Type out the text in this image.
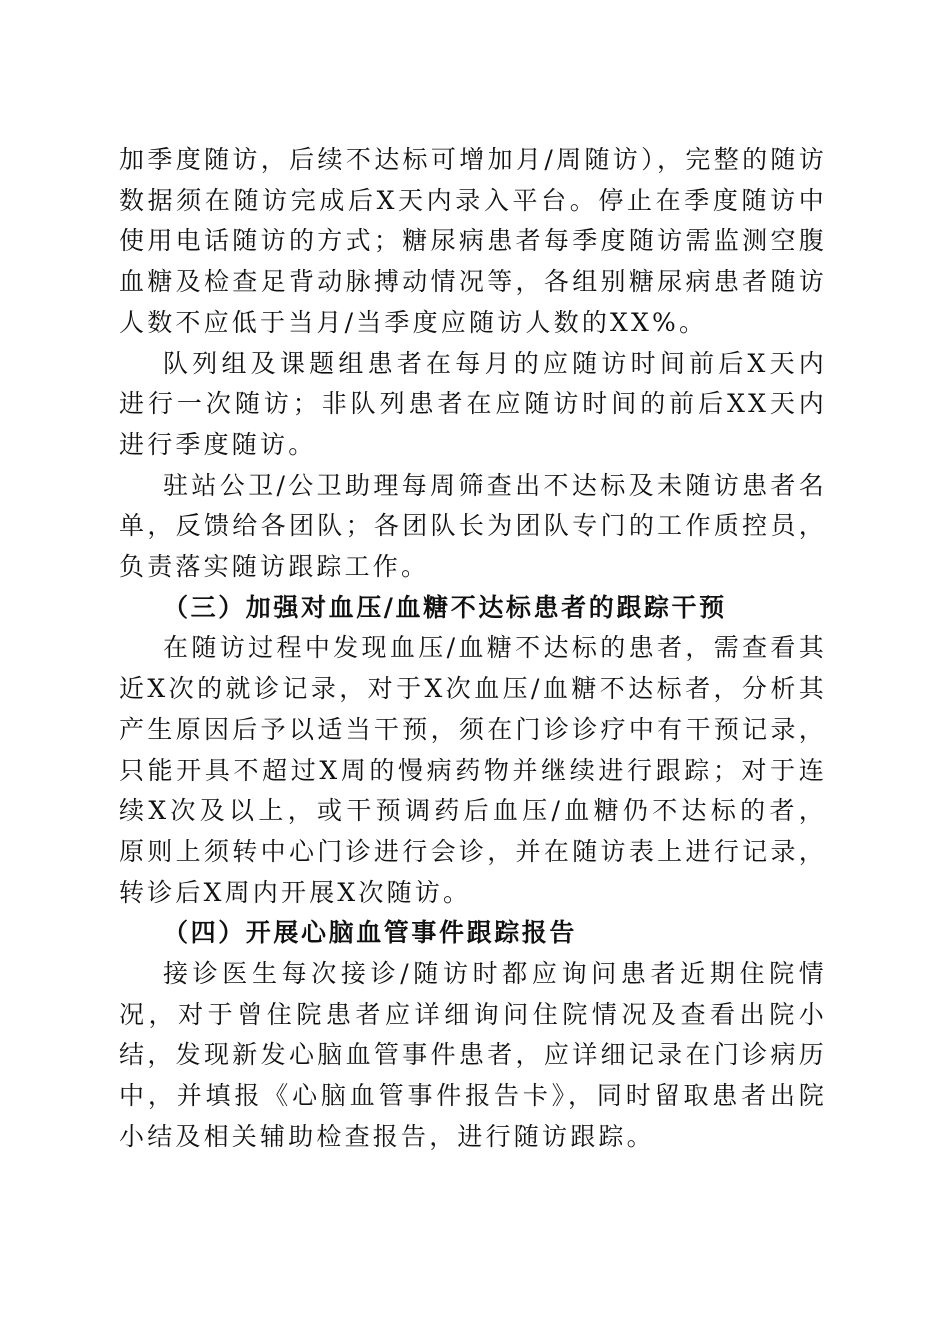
加季度随访，后续不达标可增加月/周随访），完整的随访数据须在随访完成后X天内录入平台。停止在季度随访中使用电话随访的方式；糖尿病患者每季度随访需监测空腹血糖及检查足背动脉搏动情况等，各组别糖尿病患者随访人数不应低于当月/当季度应随访人数的XX%。

队列组及课题组患者在每月的应随访时间前后X天内进行一次随访；非队列患者在应随访时间的前后XX天内进行季度随访。

驻站公卫/公卫助理每周筛查出不达标及未随访患者名单，反馈给各团队；各团队长为团队专门的工作质控员，负责落实随访跟踪工作。

（三）加强对血压/血糖不达标患者的跟踪干预

在随访过程中发现血压/血糖不达标的患者，需查看其近X次的就诊记录，对于X次血压/血糖不达标者，分析其产生原因后予以适当干预，须在门诊诊疗中有干预记录，只能开具不超过X周的慢病药物并继续进行跟踪；对于连续X次及以上，或干预调药后血压/血糖仍不达标的者，原则上须转中心门诊进行会诊，并在随访表上进行记录，转诊后X周内开展X次随访。

（四）开展心脑血管事件跟踪报告

接诊医生每次接诊/随访时都应询问患者近期住院情况，对于曾住院患者应详细询问住院情况及查看出院小结，发现新发心脑血管事件患者，应详细记录在门诊病历中，并填报《心脑血管事件报告卡》，同时留取患者出院小结及相关辅助检查报告，进行随访跟踪。
